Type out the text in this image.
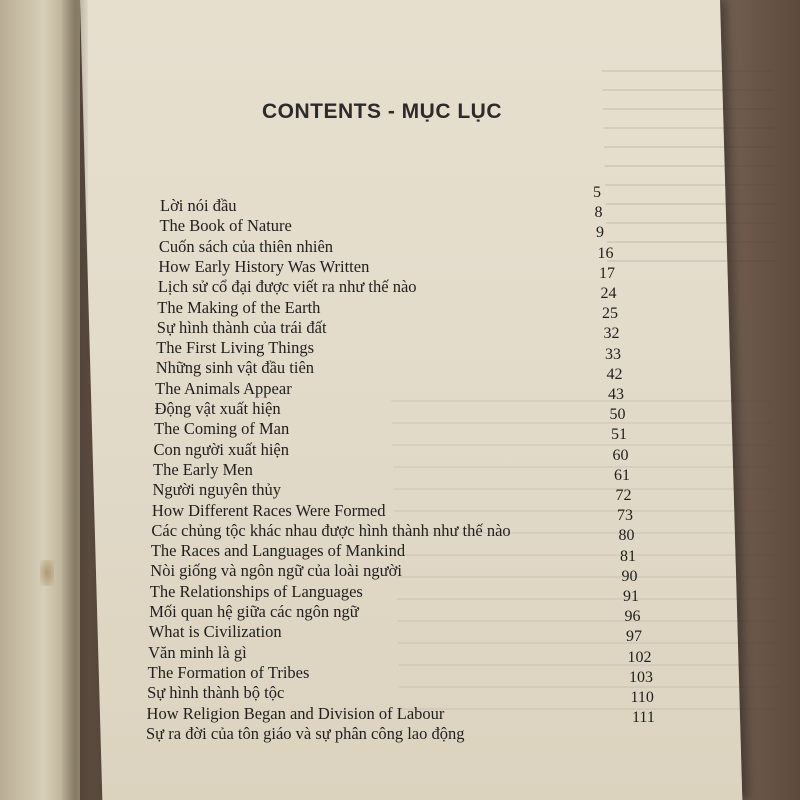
CONTENTS - MỤC LỤC
Lời nói đầu
5
The Book of Nature
8
Cuốn sách của thiên nhiên
9
How Early History Was Written
16
Lịch sử cổ đại được viết ra như thế nào
17
The Making of the Earth
24
Sự hình thành của trái đất
25
The First Living Things
32
Những sinh vật đầu tiên
33
The Animals Appear
42
Động vật xuất hiện
43
The Coming of Man
50
Con người xuất hiện
51
The Early Men
60
Người nguyên thủy
61
How Different Races Were Formed
72
Các chủng tộc khác nhau được hình thành như thế nào
73
The Races and Languages of Mankind
80
Nòi giống và ngôn ngữ của loài người
81
The Relationships of Languages
90
Mối quan hệ giữa các ngôn ngữ
91
What is Civilization
96
Văn minh là gì
97
The Formation of Tribes
102
Sự hình thành bộ tộc
103
How Religion Began and Division of Labour
110
Sự ra đời của tôn giáo và sự phân công lao động
111
